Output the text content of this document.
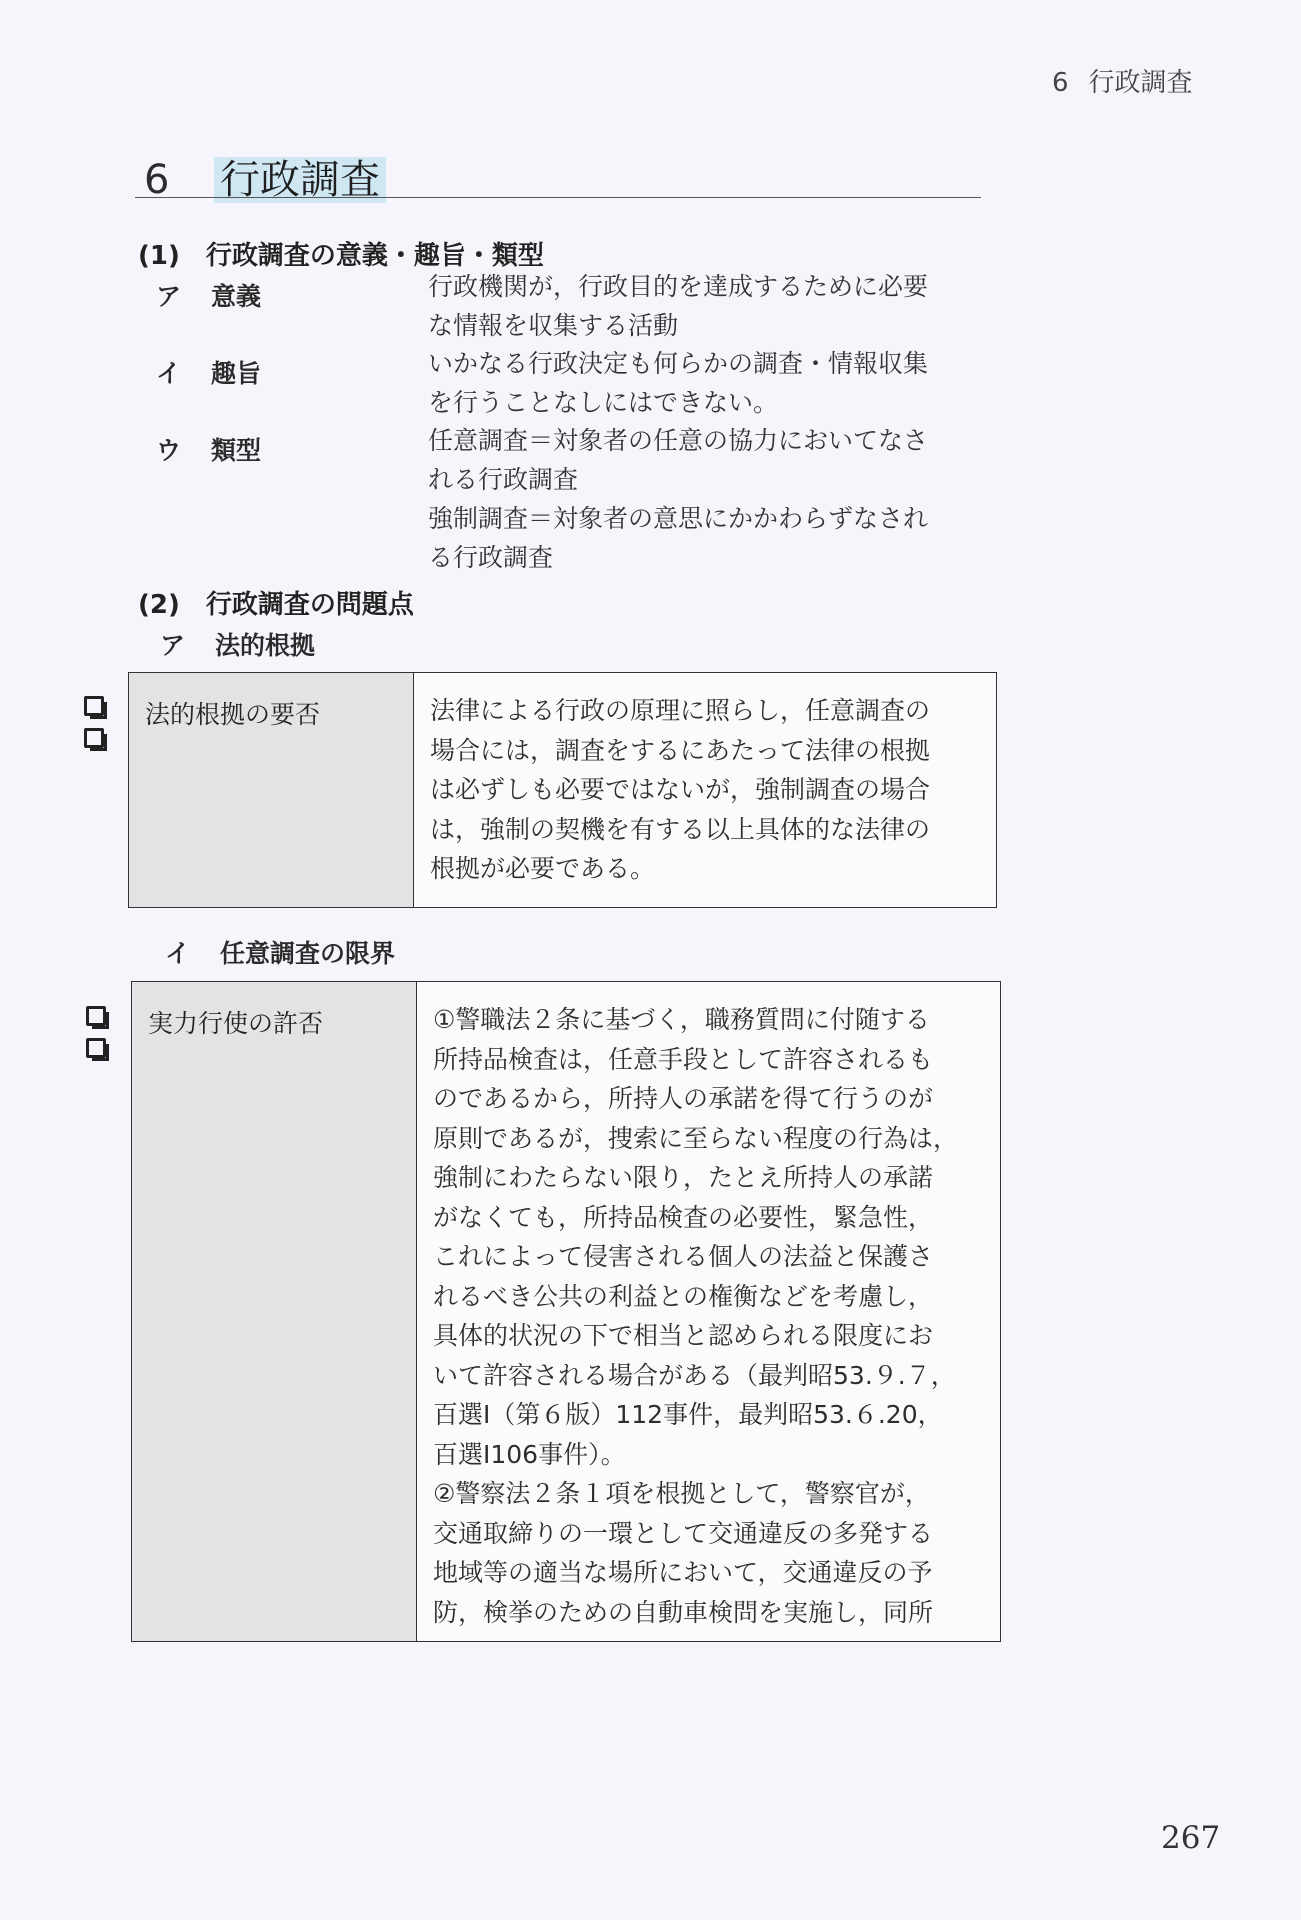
6 行政調査
6 行政調査
(1)　行政調査の意義・趣旨・類型
ア 意義	行政機関が，行政目的を達成するために必要

な情報を収集する活動

イ 趣旨	いかなる行政決定も何らかの調査・情報収集

を行うことなしにはできない。

ウ 類型	任意調査＝対象者の任意の協力においてなさ

れる行政調査

強制調査＝対象者の意思にかかわらずなされ

る行政調査

(2)　行政調査の問題点
ア 法的根拠
法的根拠の要否	法律による行政の原理に照らし，任意調査の

場合には，調査をするにあたって法律の根拠

は必ずしも必要ではないが，強制調査の場合

は，強制の契機を有する以上具体的な法律の

根拠が必要である。

イ 任意調査の限界
実力行使の許否	①警職法２条に基づく，職務質問に付随する

所持品検査は，任意手段として許容されるも

のであるから，所持人の承諾を得て行うのが

原則であるが，捜索に至らない程度の行為は，

強制にわたらない限り，たとえ所持人の承諾

がなくても，所持品検査の必要性，緊急性，

これによって侵害される個人の法益と保護さ

れるべき公共の利益との権衡などを考慮し，

具体的状況の下で相当と認められる限度にお

いて許容される場合がある（最判昭53.９.７，

百選Ⅰ（第６版）112事件，最判昭53.６.20，

百選Ⅰ106事件）。

②警察法２条１項を根拠として，警察官が，

交通取締りの一環として交通違反の多発する

地域等の適当な場所において，交通違反の予

防，検挙のための自動車検問を実施し，同所

267
